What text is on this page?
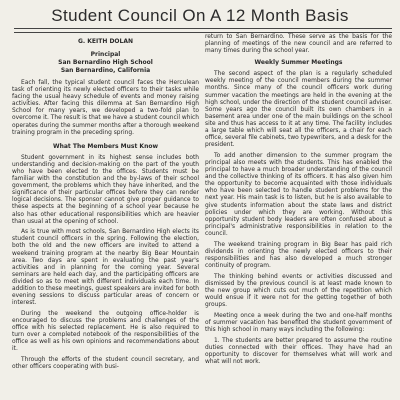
Student Council On A 12 Month Basis
G. KEITH DOLAN
Principal
San Bernardino High School
San Bernardino, California

Each fall, the typical student council faces the Herculean task of orienting its newly elected officers to their tasks while facing the usual heavy schedule of events and money raising activities. After facing this dilemma at San Bernardino High School for many years, we developed a two-fold plan to overcome it. The result is that we have a student council which operates during the summer months after a thorough weekend training program in the preceding spring.

What The Members Must Know

Student government in its highest sense includes both understanding and decision-making on the part of the youth who have been elected to the offices. Students must be familiar with the constitution and the by-laws of their school government, the problems which they have inherited, and the significance of their particular offices before they can render logical decisions. The sponsor cannot give proper guidance to these aspects at the beginning of a school year because he also has other educational responsibilities which are heavier than usual at the opening of school.

As is true with most schools, San Bernardino High elects its student council officers in the spring. Following the election, both the old and the new officers are invited to attend a weekend training program at the nearby Big Bear Mountain area. Two days are spent in evaluating the past year's activities and in planning for the coming year. Several seminars are held each day, and the participating officers are divided so as to meet with different individuals each time. In addition to these meetings, guest speakers are invited for both evening sessions to discuss particular areas of concern or interest.

During the weekend the outgoing office-holder is encouraged to discuss the problems and challenges of the office with his selected replacement. He is also required to turn over a completed notebook of the responsibilities of the office as well as his own opinions and recommendations about it.

Through the efforts of the student council secretary, and other officers cooperating with busi-

return to San Bernardino. These serve as the basis for the planning of meetings of the new council and are referred to many times during the school year.

Weekly Summer Meetings

The second aspect of the plan is a regularly scheduled weekly meeting of the council members during the summer months. Since many of the council officers work during summer vacation the meetings are held in the evening at the high school, under the direction of the student council adviser. Some years ago the council built its own chambers in a basement area under one of the main buildings on the school site and thus has access to it at any time. The facility includes a large table which will seat all the officers, a chair for each office, several file cabinets, two typewriters, and a desk for the president.

To add another dimension to the summer program the principal also meets with the students. This has enabled the principal to have a much broader understanding of the council and the collective thinking of its officers. It has also given him the opportunity to become acquainted with those individuals who have been selected to handle student problems for the next year. His main task is to listen, but he is also available to give students information about the state laws and district policies under which they are working. Without this opportunity student body leaders are often confused about a principal's administrative responsibilities in relation to the council.

The weekend training program in Big Bear has paid rich dividends in orienting the newly elected officers to their responsibilities and has also developed a much stronger continuity of program.

The thinking behind events or activities discussed and dismissed by the previous council is at least made known to the new group which cuts out much of the repetition which would ensue if it were not for the getting together of both groups.

Meeting once a week during the two and one-half months of summer vacation has benefited the student government of this high school in many ways including the following:

1. The students are better prepared to assume the routine duties connected with their offices. They have had an opportunity to discover for themselves what will work and what will not work.
